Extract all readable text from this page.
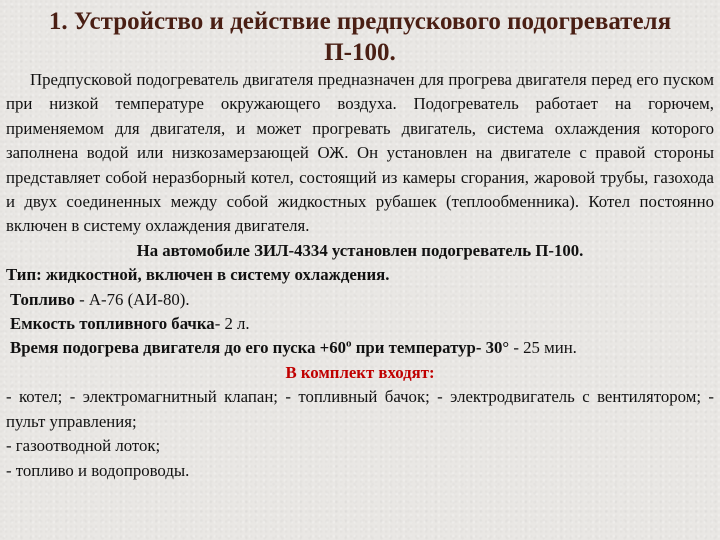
1. Устройство и действие предпускового подогревателя
П-100.

Предпусковой подогреватель двигателя предназначен для прогрева двигателя перед его пуском при низкой температуре окружающего воздуха. Подогреватель работает на горючем, применяемом для двигателя, и может прогревать двигатель, система охлаждения которого заполнена водой или низкозамерзающей ОЖ. Он установлен на двигателе с правой стороны представляет собой неразборный котел, состоящий из камеры сгорания, жаровой трубы, газохода и двух соединенных между собой жидкостных рубашек (теплообменника). Котел постоянно включен в систему охлаждения двигателя.

На автомобиле ЗИЛ-4334 установлен подогреватель П-100.

Тип: жидкостной, включен в систему охлаждения.

Топливо - А-76 (АИ-80).

Емкость топливного бачка- 2 л.

Время подогрева двигателя до его пуска $+60^о$ при температур- 30° - 25 мин.

В комплект входят:

- котел; - электромагнитный клапан; - топливный бачок; - электродвигатель с вентилятором; - пульт управления;

- газоотводной лоток;

- топливо и водопроводы.
